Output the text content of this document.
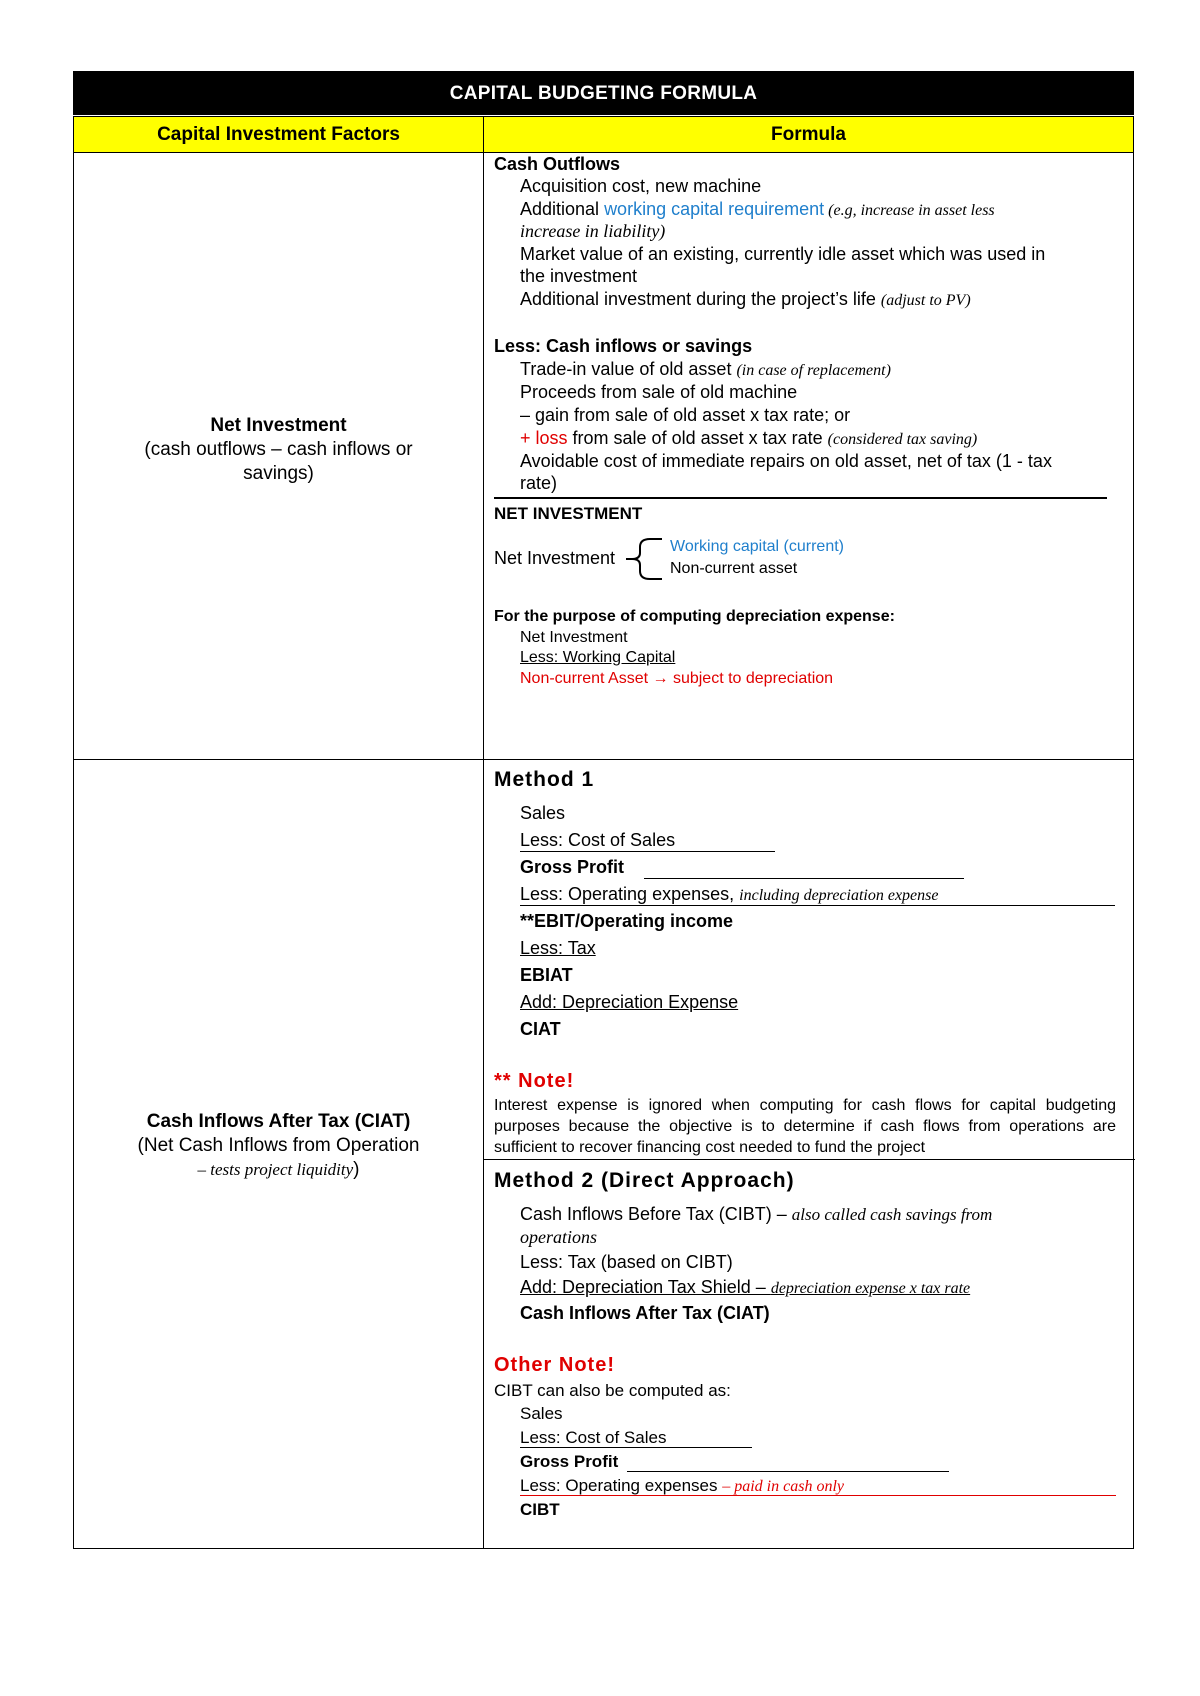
CAPITAL BUDGETING FORMULA
Capital Investment Factors	Formula
Net Investment
(cash outflows – cash inflows or savings)
Cash Outflows
Acquisition cost, new machine
Additional working capital requirement (e.g, increase in asset less
increase in liability)
Market value of an existing, currently idle asset which was used in
the investment
Additional investment during the project’s life (adjust to PV)
Less: Cash inflows or savings
Trade-in value of old asset (in case of replacement)
Proceeds from sale of old machine
– gain from sale of old asset x tax rate; or
+ loss from sale of old asset x tax rate (considered tax saving)
Avoidable cost of immediate repairs on old asset, net of tax (1 - tax
rate)
NET INVESTMENT
Net Investment
Working capital (current)
Non-current asset
For the purpose of computing depreciation expense:
Net Investment
Less: Working Capital
Non-current Asset → subject to depreciation
Cash Inflows After Tax (CIAT)
(Net Cash Inflows from Operation
– tests project liquidity)
Method 1
Sales
Less: Cost of Sales
Gross Profit
Less: Operating expenses, including depreciation expense
**EBIT/Operating income
Less: Tax
EBIAT
Add: Depreciation Expense
CIAT
** Note!
Interest expense is ignored when computing for cash flows for capital budgeting purposes because the objective is to determine if cash flows from operations are sufficient to recover financing cost needed to fund the project
Method 2 (Direct Approach)
Cash Inflows Before Tax (CIBT) – also called cash savings from
operations
Less: Tax (based on CIBT)
Add: Depreciation Tax Shield – depreciation expense x tax rate
Cash Inflows After Tax (CIAT)
Other Note!
CIBT can also be computed as:
Sales
Less: Cost of Sales
Gross Profit
Less: Operating expenses – paid in cash only
CIBT
